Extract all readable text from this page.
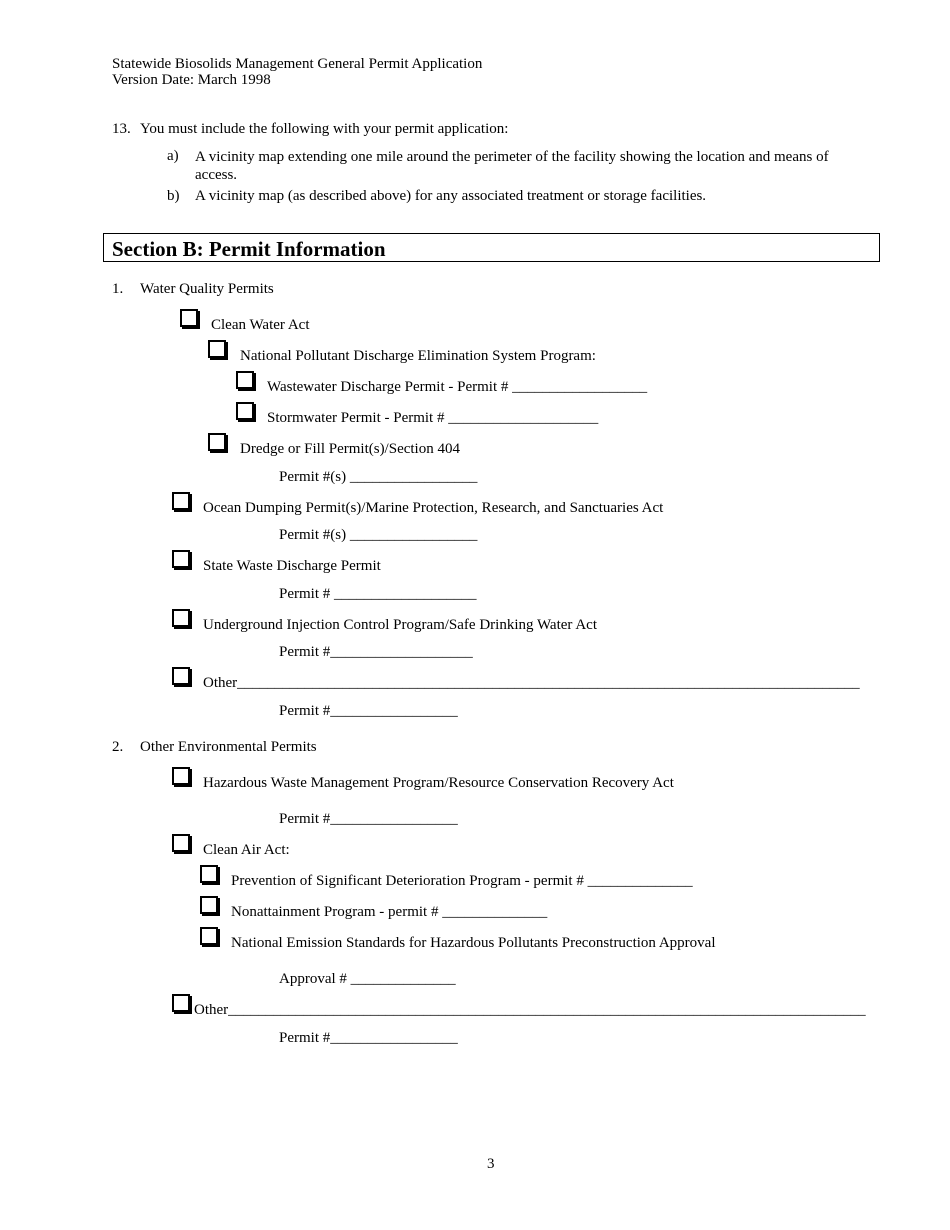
Statewide Biosolids Management General Permit Application
Version Date: March 1998
13. You must include the following with your permit application:
a) A vicinity map extending one mile around the perimeter of the facility showing the location and means of access.
b) A vicinity map (as described above) for any associated treatment or storage facilities.
Section B: Permit Information
1. Water Quality Permits
Clean Water Act
National Pollutant Discharge Elimination System Program:
Wastewater Discharge Permit - Permit # __________________
Stormwater Permit - Permit # ____________________
Dredge or Fill Permit(s)/Section 404
Permit #(s) _________________
Ocean Dumping Permit(s)/Marine Protection, Research, and Sanctuaries Act
Permit #(s) _________________
State Waste Discharge Permit
Permit # ___________________
Underground Injection Control Program/Safe Drinking Water Act
Permit #___________________
Other___________________________________________________________________________________
Permit #_________________
2. Other Environmental Permits
Hazardous Waste Management Program/Resource Conservation Recovery Act
Permit #_________________
Clean Air Act:
Prevention of Significant Deterioration Program - permit # ______________
Nonattainment Program - permit # ______________
National Emission Standards for Hazardous Pollutants Preconstruction Approval
Approval # ______________
Other_____________________________________________________________________________________
Permit #_________________
3
